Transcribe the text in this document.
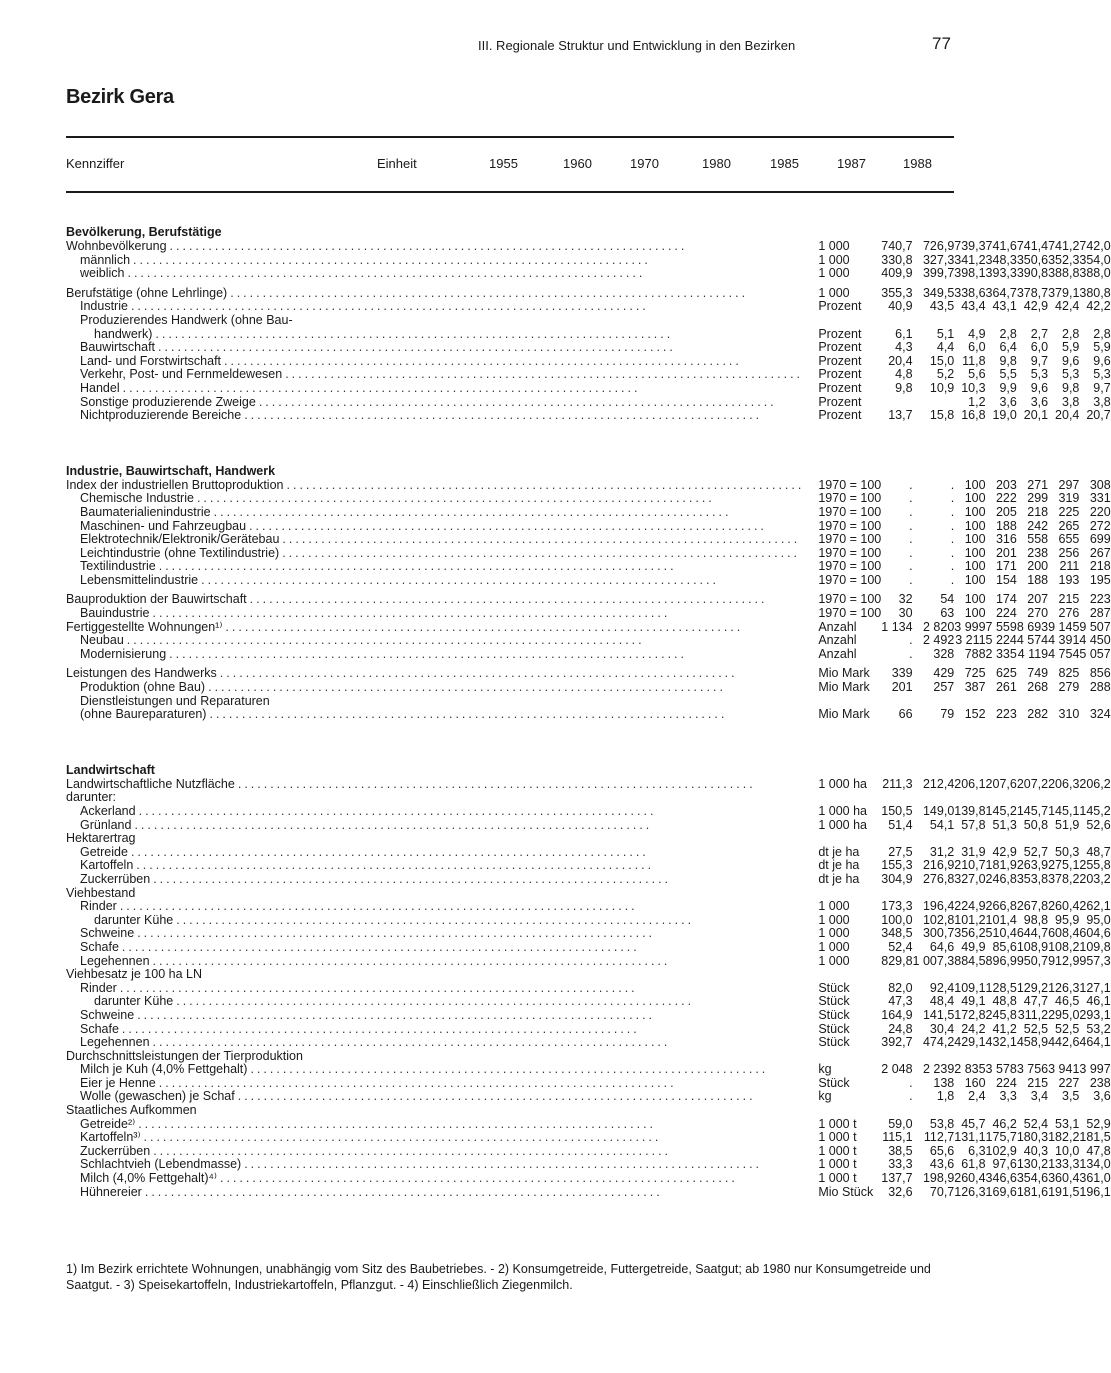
III. Regionale Struktur und Entwicklung in den Bezirken	77
Bezirk Gera
Kennziffer	Einheit	1955	1960	1970	1980	1985	1987	1988
Bevölkerung, Berufstätige								

Wohnbevölkerung ................................................................................	1 000	740,7	726,9	739,3	741,6	741,4	741,2	742,0

männlich ................................................................................	1 000	330,8	327,3	341,2	348,3	350,6	352,3	354,0

weiblich ................................................................................	1 000	409,9	399,7	398,1	393,3	390,8	388,8	388,0

Berufstätige (ohne Lehrlinge) ................................................................................	1 000	355,3	349,5	338,6	364,7	378,7	379,1	380,8

Industrie ................................................................................	Prozent	40,9	43,5	43,4	43,1	42,9	42,4	42,2

Produzierendes Handwerk (ohne Bau-								

handwerk) ................................................................................	Prozent	6,1	5,1	4,9	2,8	2,7	2,8	2,8

Bauwirtschaft ................................................................................	Prozent	4,3	4,4	6,0	6,4	6,0	5,9	5,9

Land- und Forstwirtschaft ................................................................................	Prozent	20,4	15,0	11,8	9,8	9,7	9,6	9,6

Verkehr, Post- und Fernmeldewesen ................................................................................	Prozent	4,8	5,2	5,6	5,5	5,3	5,3	5,3

Handel ................................................................................	Prozent	9,8	10,9	10,3	9,9	9,6	9,8	9,7

Sonstige produzierende Zweige ................................................................................	Prozent			1,2	3,6	3,6	3,8	3,8

Nichtproduzierende Bereiche ................................................................................	Prozent	13,7	15,8	16,8	19,0	20,1	20,4	20,7

Industrie, Bauwirtschaft, Handwerk								

Index der industriellen Bruttoproduktion ................................................................................	1970 = 100	.	.	100	203	271	297	308

Chemische Industrie ................................................................................	1970 = 100	.	.	100	222	299	319	331

Baumaterialienindustrie ................................................................................	1970 = 100	.	.	100	205	218	225	220

Maschinen- und Fahrzeugbau ................................................................................	1970 = 100	.	.	100	188	242	265	272

Elektrotechnik/Elektronik/Gerätebau ................................................................................	1970 = 100	.	.	100	316	558	655	699

Leichtindustrie (ohne Textilindustrie) ................................................................................	1970 = 100	.	.	100	201	238	256	267

Textilindustrie ................................................................................	1970 = 100	.	.	100	171	200	211	218

Lebensmittelindustrie ................................................................................	1970 = 100	.	.	100	154	188	193	195

Bauproduktion der Bauwirtschaft ................................................................................	1970 = 100	32	54	100	174	207	215	223

Bauindustrie ................................................................................	1970 = 100	30	63	100	224	270	276	287

Fertiggestellte Wohnungen¹⁾ ................................................................................	Anzahl	1 134	2 820	3 999	7 559	8 693	9 145	9 507

Neubau ................................................................................	Anzahl	.	2 492	3 211	5 224	4 574	4 391	4 450

Modernisierung ................................................................................	Anzahl	.	328	788	2 335	4 119	4 754	5 057

Leistungen des Handwerks ................................................................................	Mio Mark	339	429	725	625	749	825	856

Produktion (ohne Bau) ................................................................................	Mio Mark	201	257	387	261	268	279	288

Dienstleistungen und Reparaturen								

(ohne Baureparaturen) ................................................................................	Mio Mark	66	79	152	223	282	310	324

Landwirtschaft								

Landwirtschaftliche Nutzfläche ................................................................................	1 000 ha	211,3	212,4	206,1	207,6	207,2	206,3	206,2

darunter:								

Ackerland ................................................................................	1 000 ha	150,5	149,0	139,8	145,2	145,7	145,1	145,2

Grünland ................................................................................	1 000 ha	51,4	54,1	57,8	51,3	50,8	51,9	52,6

Hektarertrag								

Getreide ................................................................................	dt je ha	27,5	31,2	31,9	42,9	52,7	50,3	48,7

Kartoffeln ................................................................................	dt je ha	155,3	216,9	210,7	181,9	263,9	275,1	255,8

Zuckerrüben ................................................................................	dt je ha	304,9	276,8	327,0	246,8	353,8	378,2	203,2

Viehbestand								

Rinder ................................................................................	1 000	173,3	196,4	224,9	266,8	267,8	260,4	262,1

darunter Kühe ................................................................................	1 000	100,0	102,8	101,2	101,4	98,8	95,9	95,0

Schweine ................................................................................	1 000	348,5	300,7	356,2	510,4	644,7	608,4	604,6

Schafe ................................................................................	1 000	52,4	64,6	49,9	85,6	108,9	108,2	109,8

Legehennen ................................................................................	1 000	829,8	1 007,3	884,5	896,9	950,7	912,9	957,3

Viehbesatz je 100 ha LN								

Rinder ................................................................................	Stück	82,0	92,4	109,1	128,5	129,2	126,3	127,1

darunter Kühe ................................................................................	Stück	47,3	48,4	49,1	48,8	47,7	46,5	46,1

Schweine ................................................................................	Stück	164,9	141,5	172,8	245,8	311,2	295,0	293,1

Schafe ................................................................................	Stück	24,8	30,4	24,2	41,2	52,5	52,5	53,2

Legehennen ................................................................................	Stück	392,7	474,2	429,1	432,1	458,9	442,6	464,1

Durchschnittsleistungen der Tierproduktion								

Milch je Kuh (4,0% Fettgehalt) ................................................................................	kg	2 048	2 239	2 835	3 578	3 756	3 941	3 997

Eier je Henne ................................................................................	Stück	.	138	160	224	215	227	238

Wolle (gewaschen) je Schaf ................................................................................	kg	.	1,8	2,4	3,3	3,4	3,5	3,6

Staatliches Aufkommen								

Getreide²⁾ ................................................................................	1 000 t	59,0	53,8	45,7	46,2	52,4	53,1	52,9

Kartoffeln³⁾ ................................................................................	1 000 t	115,1	112,7	131,1	175,7	180,3	182,2	181,5

Zuckerrüben ................................................................................	1 000 t	38,5	65,6	6,3	102,9	40,3	10,0	47,8

Schlachtvieh (Lebendmasse) ................................................................................	1 000 t	33,3	43,6	61,8	97,6	130,2	133,3	134,0

Milch (4,0% Fettgehalt)⁴⁾ ................................................................................	1 000 t	137,7	198,9	260,4	346,6	354,6	360,4	361,0

Hühnereier ................................................................................	Mio Stück	32,6	70,7	126,3	169,6	181,6	191,5	196,1
1) Im Bezirk errichtete Wohnungen, unabhängig vom Sitz des Baubetriebes. - 2) Konsumgetreide, Futtergetreide, Saatgut; ab 1980 nur Konsumgetreide und Saatgut. - 3) Speisekartoffeln, Industriekartoffeln, Pflanzgut. - 4) Einschließlich Ziegenmilch.
